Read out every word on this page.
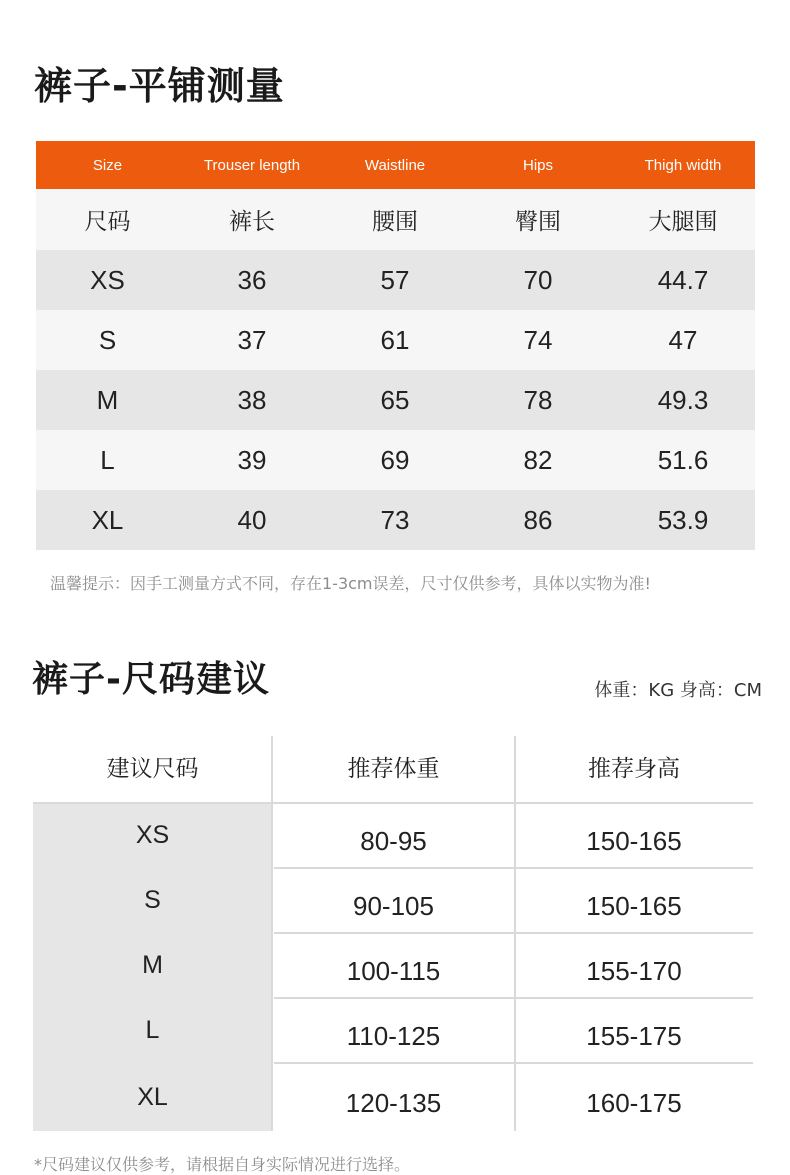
裤子-平铺测量
Size	Trouser length	Waistline	Hips	Thigh width
尺码	裤长	腰围	臀围	大腿围
XS	36	57	70	44.7
S	37	61	74	47
M	38	65	78	49.3
L	39	69	82	51.6
XL	40	73	86	53.9
温馨提示：因手工测量方式不同，存在1-3cm误差，尺寸仅供参考，具体以实物为准!
裤子-尺码建议	体重：KG 身高：CM
建议尺码	推荐体重	推荐身高
XS	80-95	150-165
S	90-105	150-165
M	100-115	155-170
L	110-125	155-175
XL	120-135	160-175
*尺码建议仅供参考，请根据自身实际情况进行选择。
